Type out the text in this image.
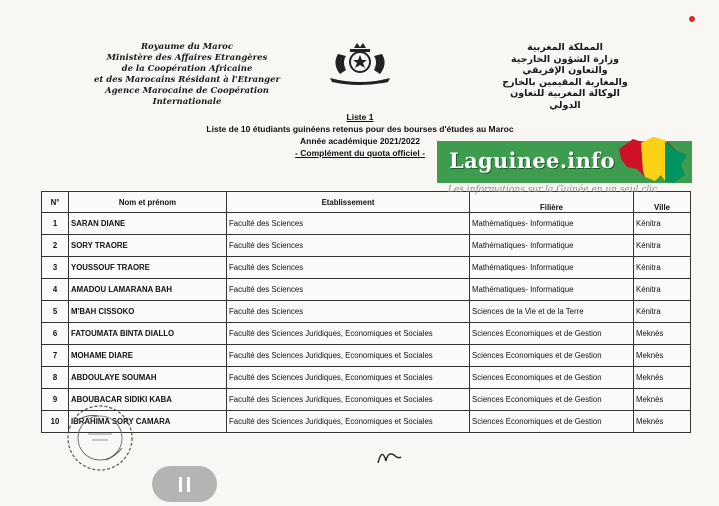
Royaume du Maroc
Ministère des Affaires Etrangères
de la Coopération Africaine
et des Marocains Résidant à l'Etranger
Agence Marocaine de Coopération
Internationale
المملكة المغربية
وزارة الشؤون الخارجية
والتعاون الإفريقي
والمغاربة المقيمين بالخارج
الوكالة المغربية للتعاون
الدولي
Liste 1
Liste de 10 étudiants guinéens retenus pour des bourses d'études au Maroc
Année académique 2021/2022
- Complément du quota officiel -
N°	Nom et prénom	Etablissement	Filière	Ville
1	SARAN DIANE	Faculté des Sciences	Mathématiques- Informatique	Kénitra
2	SORY TRAORE	Faculté des Sciences	Mathématiques- Informatique	Kénitra
3	YOUSSOUF TRAORE	Faculté des Sciences	Mathématiques- Informatique	Kénitra
4	AMADOU LAMARANA BAH	Faculté des Sciences	Mathématiques- Informatique	Kénitra
5	M'BAH CISSOKO	Faculté des Sciences	Sciences de la Vie et de la Terre	Kénitra
6	FATOUMATA BINTA DIALLO	Faculté des Sciences Juridiques, Economiques et Sociales	Sciences Economiques et de Gestion	Meknès
7	MOHAME DIARE	Faculté des Sciences Juridiques, Economiques et Sociales	Sciences Economiques et de Gestion	Meknès
8	ABDOULAYE SOUMAH	Faculté des Sciences Juridiques, Economiques et Sociales	Sciences Economiques et de Gestion	Meknès
9	ABOUBACAR SIDIKI KABA	Faculté des Sciences Juridiques, Economiques et Sociales	Sciences Economiques et de Gestion	Meknès
10	IBRAHIMA SORY CAMARA	Faculté des Sciences Juridiques, Economiques et Sociales	Sciences Economiques et de Gestion	Meknès
Laguinee.info
Les informations sur la Guinée en un seul clic
